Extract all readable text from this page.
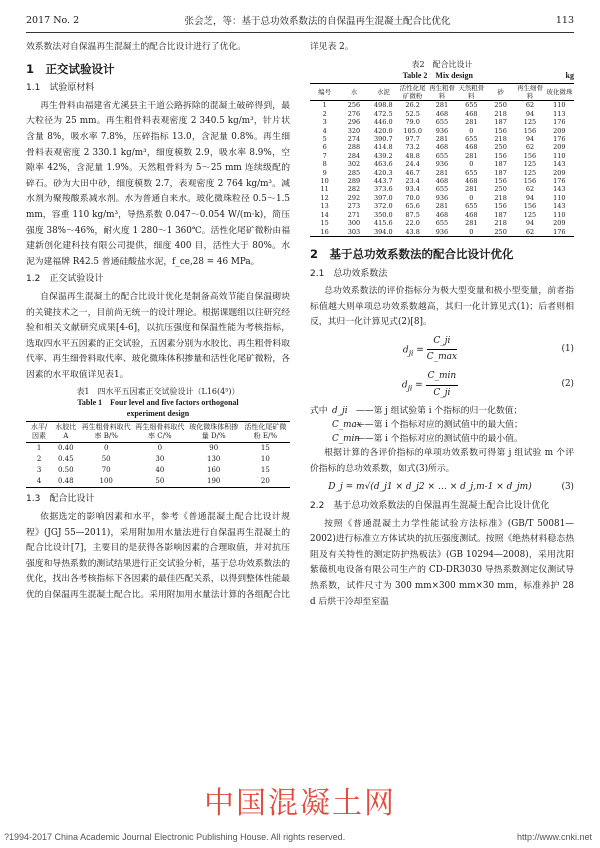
2017 No. 2	张会芝，等：基于总功效系数法的自保温再生混凝土配合比优化	113

效系数法对自保温再生混凝土的配合比设计进行了优化。

1　正交试验设计
1.1　试验原材料

再生骨料由福建省尤溪县主干道公路拆除的混凝土破碎得到，最大粒径为 25 mm。再生粗骨料表观密度 2 340.5 kg/m³，针片状含量 8%，吸水率 7.8%，压碎指标 13.0，含泥量 0.8%。再生细骨料表观密度 2 330.1 kg/m³，细度模数 2.9，吸水率 8.9%，空隙率 42%，含泥量 1.9%。天然粗骨料为 5～25 mm 连续级配的碎石。砂为大田中砂，细度模数 2.7，表观密度 2 764 kg/m³。减水剂为聚羧酸系减水剂。水为普通自来水。玻化微珠粒径 0.5～1.5 mm，容重 110 kg/m³，导热系数 0.047～0.054 W/(m·k)，简压强度 38%～46%，耐火度 1 280～1 360℃。活性化尾矿微粉由福建新创化建科技有限公司提供，细度 400 目，活性大于 80%。水泥为建福牌 R42.5 普通硅酸盐水泥，f_ce,28 = 46 MPa。

1.2　正交试验设计

自保温再生混凝土的配合比设计优化是制备高效节能自保温砌块的关键技术之一，目前尚无统一的设计理论。根据课题组以往研究经验和相关文献研究成果[4-6]，以抗压强度和保温性能为考核指标，选取四水平五因素的正交试验，五因素分别为水胶比、再生粗骨料取代率、再生细骨料取代率、玻化微珠体积掺量和活性化尾矿微粉，各因素的水平取值详见表1。

表1　四水平五因素正交试验设计（L16(4⁵)）
Table 1　Four level and five factors orthogonal
experiment design
水平/因素	水胶比 A	再生粗骨料取代率 B/%	再生细骨料取代率 C/%	玻化微珠体积掺量 D/%	活性化尾矿微粉 E/%
1	0.40	0	0	90	15
2	0.45	50	30	130	10
3	0.50	70	40	160	15
4	0.48	100	50	190	20
1.3　配合比设计

依据选定的影响因素和水平，参考《普通混凝土配合比设计规程》(JGJ 55—2011)，采用附加用水量法进行自保温再生混凝土的配合比设计[7]，主要目的是获得各影响因素的合理取值，并对抗压强度和导热系数的测试结果进行正交试验分析，基于总功效系数法的优化，找出各考核指标下各因素的最佳匹配关系，以得到整体性能最优的自保温再生混凝土配合比。采用附加用水量法计算的各组配合比

详见表 2。

表2　配合比设计
Table 2　Mix design	kg
编号	水	水泥	活性化尾矿微粉	再生粗骨料	天然粗骨料	砂	再生细骨料	玻化微珠
1	256	498.8	26.2	281	655	250	62	110
2	276	472.5	52.5	468	468	218	94	113
3	296	446.0	79.0	655	281	187	125	176
4	320	420.0	105.0	936	0	156	156	209
5	274	390.7	97.7	281	655	218	94	176
6	288	414.8	73.2	468	468	250	62	209
7	284	439.2	48.8	655	281	156	156	110
8	302	463.6	24.4	936	0	187	125	143
9	285	420.3	46.7	281	655	187	125	209
10	289	443.7	23.4	468	468	156	156	176
11	282	373.6	93.4	655	281	250	62	143
12	292	397.0	70.0	936	0	218	94	110
13	273	372.0	65.6	281	655	156	156	143
14	271	350.0	87.5	468	468	187	125	110
15	300	415.6	22.0	655	281	218	94	209
16	303	394.0	43.8	936	0	250	62	176
2　基于总功效系数法的配合比设计优化
2.1　总功效系数法

总功效系数法的评价指标分为极大型变量和极小型变量，前者指标值越大则单项总功效系数越高，其归一化计算见式(1)；后者则相反，其归一化计算见式(2)[8]。

$d_{ji} = \frac{C\_ji}{C\_\max}$	(1)
$d_{ji} = \frac{C\_\min}{C\_ji}$	(2)
式中 d_ji ——第 j 组试验第 i 个指标的归一化数值；
C_max
——第 i 个指标对应的测试值中的最大值；
C_min
——第 i 个指标对应的测试值中的最小值。

根据计算的各评价指标的单项功效系数可得第 j 组试验 m 个评价指标的总功效系数，如式(3)所示。

D_j = m√(d_j1 × d_j2 × … × d_j,m-1 × d_jm)	(3)
2.2　基于总功效系数法的自保温再生混凝土配合比设计优化

按照《普通混凝土力学性能试验方法标准》(GB/T 50081—2002)进行标准立方体试块的抗压强度测试。按照《绝热材料稳态热阻及有关特性的测定防护热板法》(GB 10294—2008)，采用沈阳紫薇机电设备有限公司生产的 CD-DR3030 导热系数测定仪测试导热系数，试件尺寸为 300 mm×300 mm×30 mm，标准养护 28 d 后烘干冷却至室温

中国混凝土网
?1994-2017 China Academic Journal Electronic Publishing House. All rights reserved.	http://www.cnki.net
